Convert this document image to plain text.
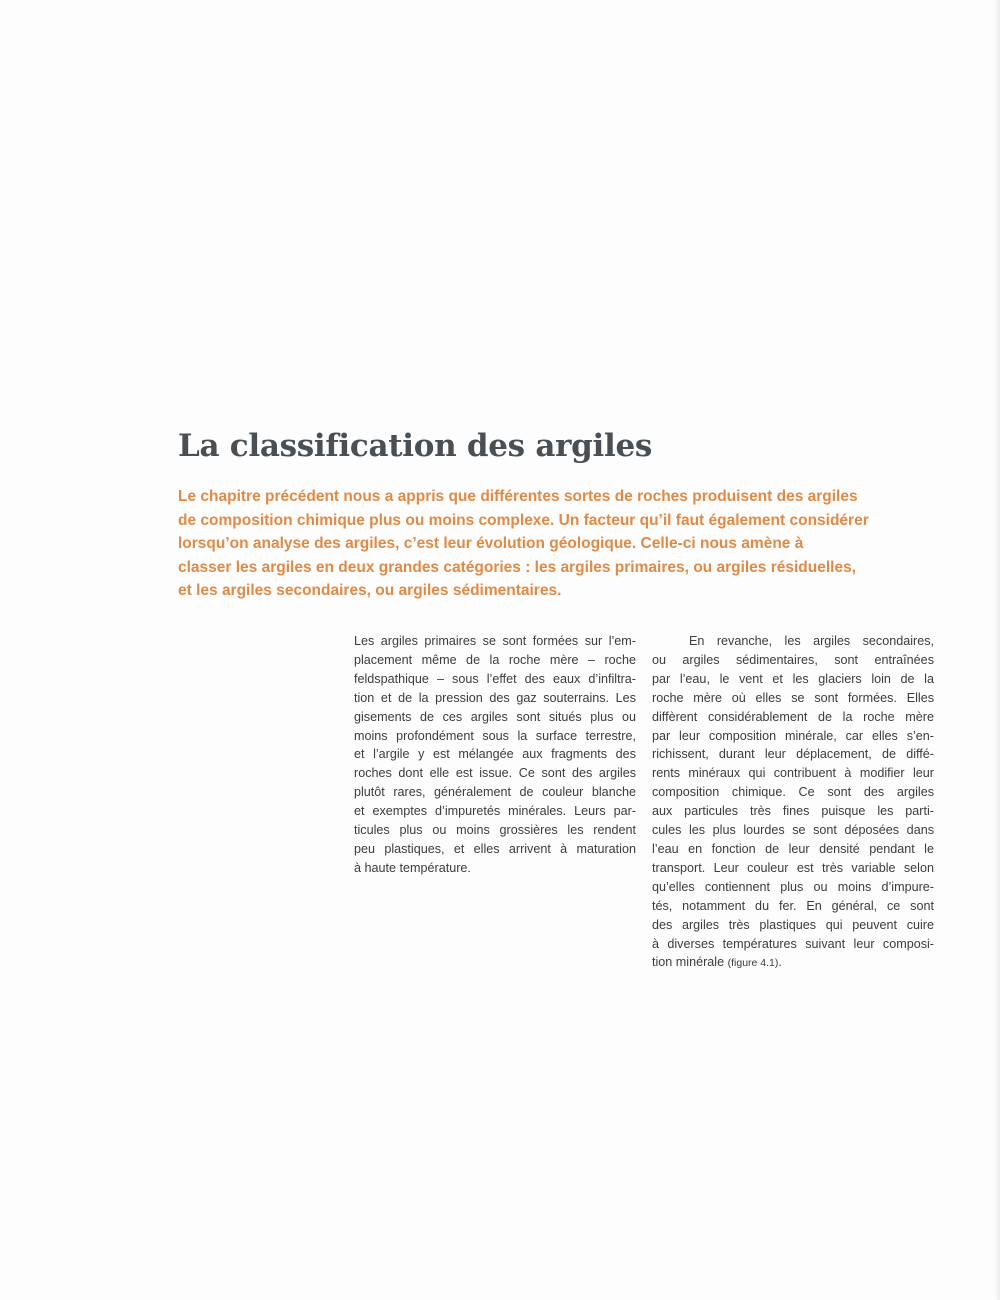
La classification des argiles
Le chapitre précédent nous a appris que différentes sortes de roches produisent des argiles
de composition chimique plus ou moins complexe. Un facteur qu’il faut également considérer
lorsqu’on analyse des argiles, c’est leur évolution géologique. Celle-ci nous amène à
classer les argiles en deux grandes catégories : les argiles primaires, ou argiles résiduelles,
et les argiles secondaires, ou argiles sédimentaires.
Les argiles primaires se sont formées sur l’em-
placement même de la roche mère – roche
feldspathique – sous l’effet des eaux d’infiltra-
tion et de la pression des gaz souterrains. Les
gisements de ces argiles sont situés plus ou
moins profondément sous la surface terrestre,
et l’argile y est mélangée aux fragments des
roches dont elle est issue. Ce sont des argiles
plutôt rares, généralement de couleur blanche
et exemptes d’impuretés minérales. Leurs par-
ticules plus ou moins grossières les rendent
peu plastiques, et elles arrivent à maturation
à haute température.
En revanche, les argiles secondaires,
ou argiles sédimentaires, sont entraînées
par l’eau, le vent et les glaciers loin de la
roche mère où elles se sont formées. Elles
diffèrent considérablement de la roche mère
par leur composition minérale, car elles s’en-
richissent, durant leur déplacement, de diffé-
rents minéraux qui contribuent à modifier leur
composition chimique. Ce sont des argiles
aux particules très fines puisque les parti-
cules les plus lourdes se sont déposées dans
l’eau en fonction de leur densité pendant le
transport. Leur couleur est très variable selon
qu’elles contiennent plus ou moins d’impure-
tés, notamment du fer. En général, ce sont
des argiles très plastiques qui peuvent cuire
à diverses températures suivant leur composi-
tion minérale (figure 4.1).
